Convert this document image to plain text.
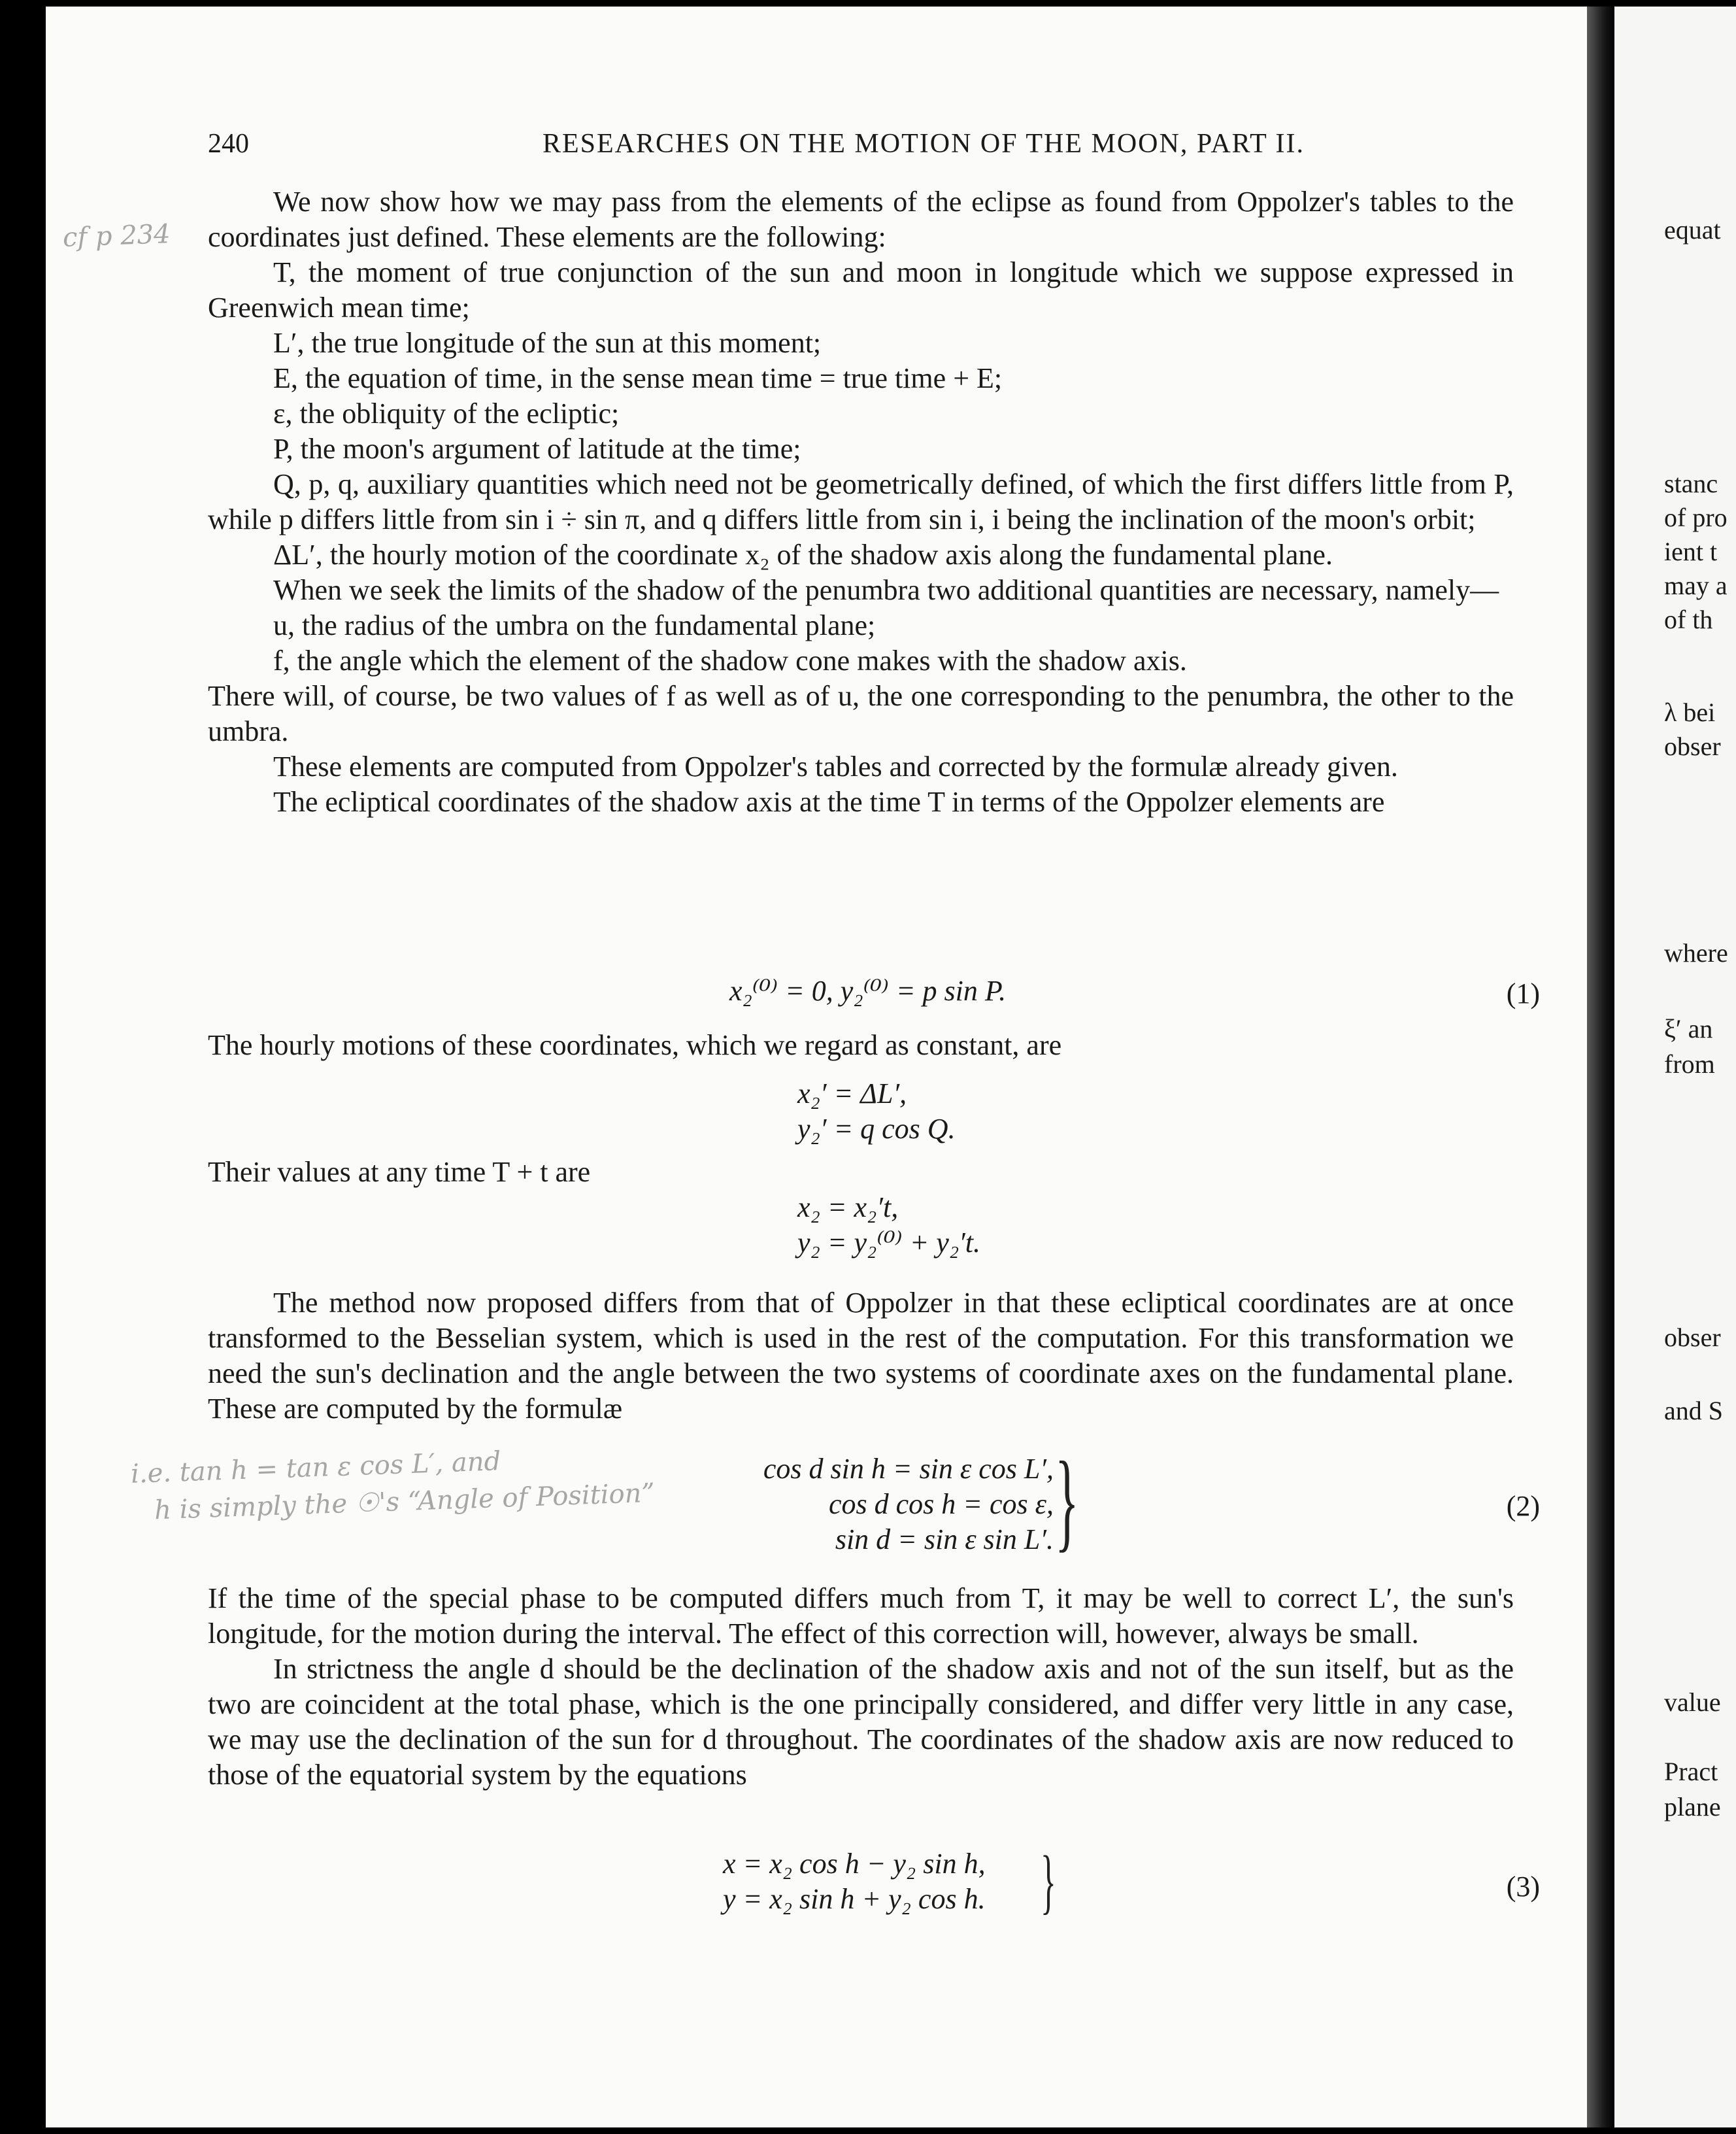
equat
stanc
of pro
ient t
may a
of th
λ bei
obser
where
ξ′ an
from
obser
and S
value
Pract
plane
240	RESEARCHES ON THE MOTION OF THE MOON, PART II.
cf p 234
i.e. tan h = tan ε cos L′, and
h is simply the ☉'s “Angle of Position”

We now show how we may pass from the elements of the eclipse as found from Oppolzer's tables to the coordinates just defined. These elements are the following:

T, the moment of true conjunction of the sun and moon in longitude which we suppose expressed in Greenwich mean time;

L′, the true longitude of the sun at this moment;

E, the equation of time, in the sense mean time = true time + E;

ε, the obliquity of the ecliptic;

P, the moon's argument of latitude at the time;

Q, p, q, auxiliary quantities which need not be geometrically defined, of which the first differs little from P, while p differs little from sin i ÷ sin π, and q differs little from sin i, i being the inclination of the moon's orbit;

ΔL′, the hourly motion of the coordinate x₂ of the shadow axis along the fundamental plane.

When we seek the limits of the shadow of the penumbra two additional quantities are necessary, namely—

u, the radius of the umbra on the fundamental plane;

f, the angle which the element of the shadow cone makes with the shadow axis.

There will, of course, be two values of f as well as of u, the one corresponding to the penumbra, the other to the umbra.

These elements are computed from Oppolzer's tables and corrected by the formulæ already given.

The ecliptical coordinates of the shadow axis at the time T in terms of the Oppolzer elements are

x₂⁽⁰⁾ = 0, y₂⁽⁰⁾ = p sin P.	(1)

The hourly motions of these coordinates, which we regard as constant, are

x₂′ = ΔL′,
y₂′ = q cos Q.

Their values at any time T + t are

x₂ = x₂′t,
y₂ = y₂⁽⁰⁾ + y₂′t.

The method now proposed differs from that of Oppolzer in that these ecliptical coordinates are at once transformed to the Besselian system, which is used in the rest of the computation. For this transformation we need the sun's declination and the angle between the two systems of coordinate axes on the fundamental plane. These are computed by the formulæ

cos d sin h = sin ε cos L′,
cos d cos h = cos ε,
sin d = sin ε sin L′. }	(2)

If the time of the special phase to be computed differs much from T, it may be well to correct L′, the sun's longitude, for the motion during the interval. The effect of this correction will, however, always be small.

In strictness the angle d should be the declination of the shadow axis and not of the sun itself, but as the two are coincident at the total phase, which is the one principally considered, and differ very little in any case, we may use the declination of the sun for d throughout. The coordinates of the shadow axis are now reduced to those of the equatorial system by the equations

x = x₂ cos h − y₂ sin h,
y = x₂ sin h + y₂ cos h. }	(3)
